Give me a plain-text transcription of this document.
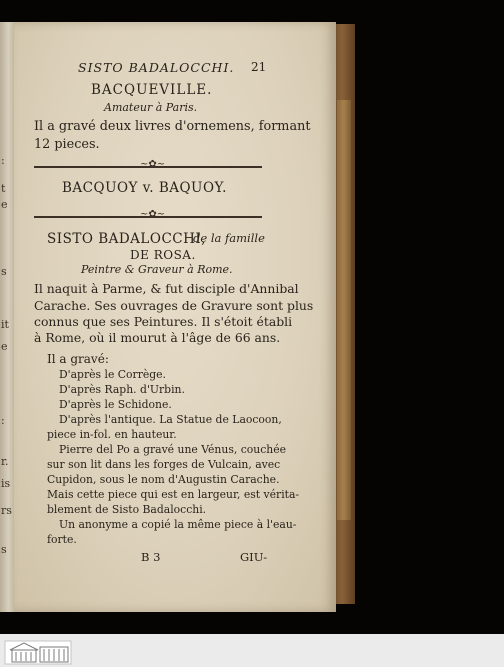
:
t
e
s
it
e
:
r.
is
rs
s
SISTO BADALOCCHI. 21
BACQUEVILLE.
Amateur à Paris.
Il a gravé deux livres d'ornemens, formant
12 pieces.
~✿~
BACQUOY v. BAQUOY.
~✿~
SISTO BADALOCCHI,
de la famille
DE ROSA.
Peintre & Graveur à Rome.
Il naquit à Parme, & fut disciple d'Annibal
Carache. Ses ouvrages de Gravure sont plus
connus que ses Peintures. Il s'étoit établi
à Rome, où il mourut à l'âge de 66 ans.
Il a gravé:
D'après le Corrège.
D'après Raph. d'Urbin.
D'après le Schidone.
D'après l'antique. La Statue de Laocoon,
piece in-fol. en hauteur.
Pierre del Po a gravé une Vénus, couchée
sur son lit dans les forges de Vulcain, avec
Cupidon, sous le nom d'Augustin Carache.
Mais cette piece qui est en largeur, est vérita-
blement de Sisto Badalocchi.
Un anonyme a copié la même piece à l'eau-
forte.
B 3	GIU-
